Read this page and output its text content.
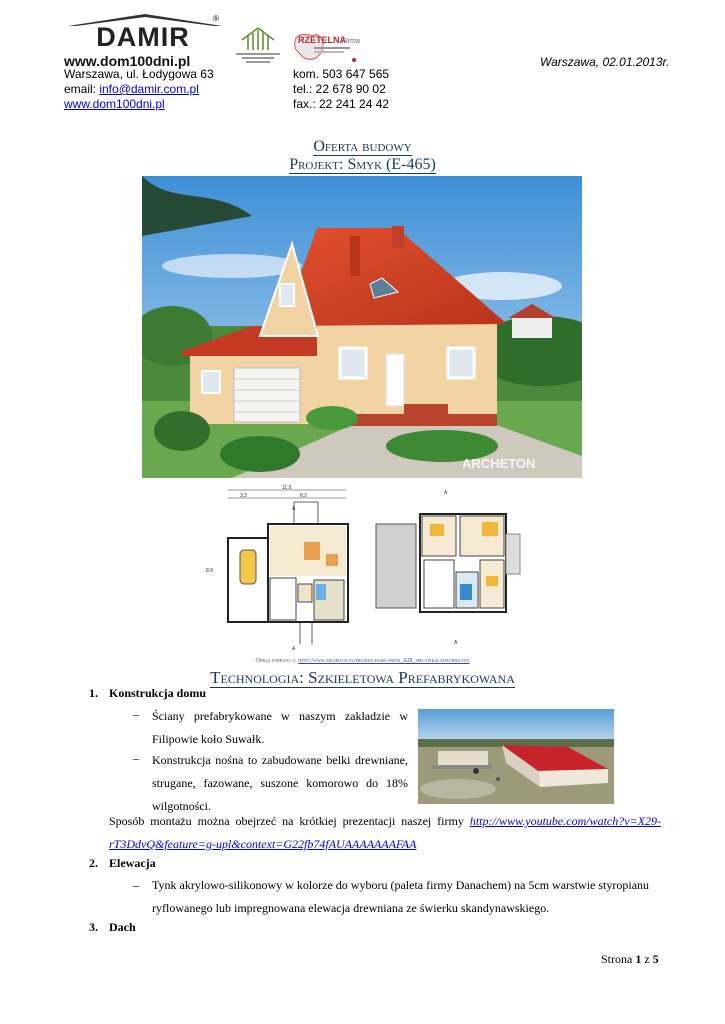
DAMIR
®
www.dom100dni.pl
RZETELNA
Firma
Warszawa, 02.01.2013r.
Warszawa, ul. Łodygowa 63
email: info@damir.com.pl
www.dom100dni.pl
kom. 503 647 565
tel.: 22 678 90 02
fax.: 22 241 24 42
Oferta budowy
Projekt: Smyk (E-465)
ARCHETON
11,5
3,3	8,2
8,8
A
A
A
A
Obraz pobrano z: http://www.archeton.pl/projekt-domu-smyk_628_specyfikacjatechniczna
Technologia: Szkieletowa Prefabrykowana
1. Konstrukcja domu
– Ściany prefabrykowane w naszym zakładzie w Filipowie koło Suwałk.
– Konstrukcja nośna to zabudowane belki drewniane, strugane, fazowane, suszone komorowo do 18% wilgotności.
Sposób montażu można obejrzeć na krótkiej prezentacji naszej firmy http://www.youtube.com/watch?v=X29-rT3DdvQ&feature=g-upl&context=G22fb74fAUAAAAAAAFAA
2. Elewacja
– Tynk akrylowo-silikonowy w kolorze do wyboru (paleta firmy Danachem) na 5cm warstwie styropianu ryflowanego lub impregnowana elewacja drewniana ze świerku skandynawskiego.
3. Dach
Strona 1 z 5
